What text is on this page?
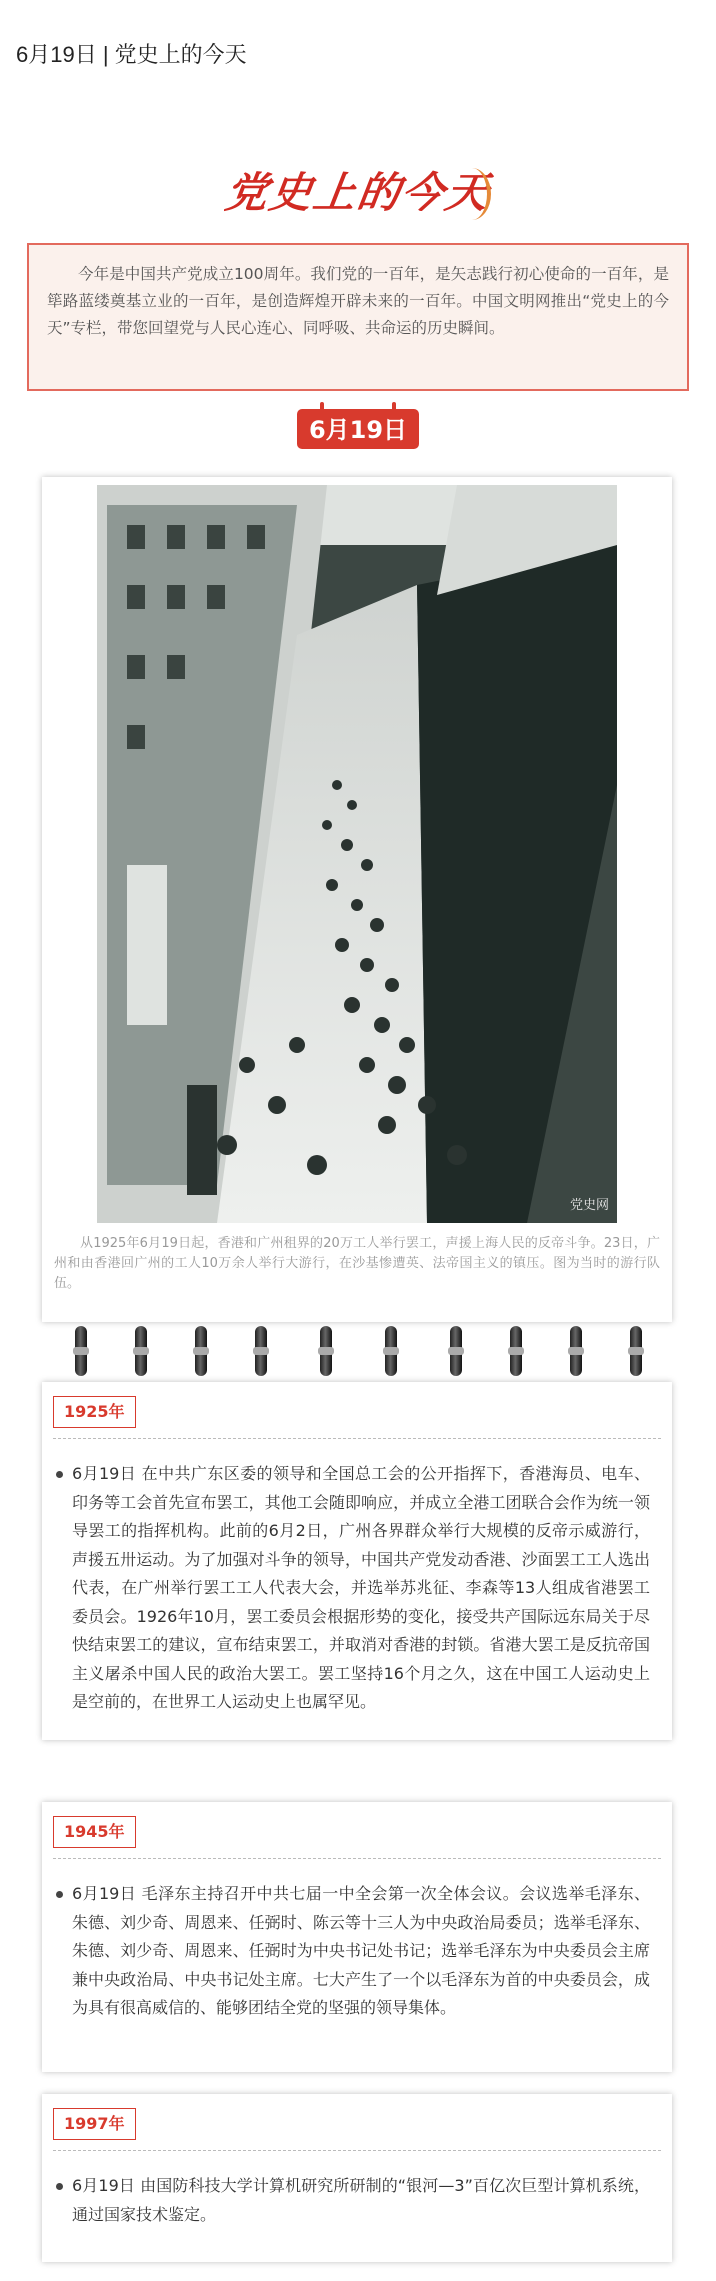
6月19日 | 党史上的今天
党史上的今天
今年是中国共产党成立100周年。我们党的一百年，是矢志践行初心使命的一百年，是筚路蓝缕奠基立业的一百年，是创造辉煌开辟未来的一百年。中国文明网推出“党史上的今天”专栏，带您回望党与人民心连心、同呼吸、共命运的历史瞬间。
6月19日
党史网
从1925年6月19日起，香港和广州租界的20万工人举行罢工，声援上海人民的反帝斗争。23日，广州和由香港回广州的工人10万余人举行大游行，在沙基惨遭英、法帝国主义的镇压。图为当时的游行队伍。
1925年
6月19日 在中共广东区委的领导和全国总工会的公开指挥下，香港海员、电车、印务等工会首先宣布罢工，其他工会随即响应，并成立全港工团联合会作为统一领导罢工的指挥机构。此前的6月2日，广州各界群众举行大规模的反帝示威游行，声援五卅运动。为了加强对斗争的领导，中国共产党发动香港、沙面罢工工人选出代表，在广州举行罢工工人代表大会，并选举苏兆征、李森等13人组成省港罢工委员会。1926年10月，罢工委员会根据形势的变化，接受共产国际远东局关于尽快结束罢工的建议，宣布结束罢工，并取消对香港的封锁。省港大罢工是反抗帝国主义屠杀中国人民的政治大罢工。罢工坚持16个月之久，这在中国工人运动史上是空前的，在世界工人运动史上也属罕见。
1945年
6月19日 毛泽东主持召开中共七届一中全会第一次全体会议。会议选举毛泽东、朱德、刘少奇、周恩来、任弼时、陈云等十三人为中央政治局委员；选举毛泽东、朱德、刘少奇、周恩来、任弼时为中央书记处书记；选举毛泽东为中央委员会主席兼中央政治局、中央书记处主席。七大产生了一个以毛泽东为首的中央委员会，成为具有很高威信的、能够团结全党的坚强的领导集体。
1997年
6月19日 由国防科技大学计算机研究所研制的“银河—3”百亿次巨型计算机系统，通过国家技术鉴定。
